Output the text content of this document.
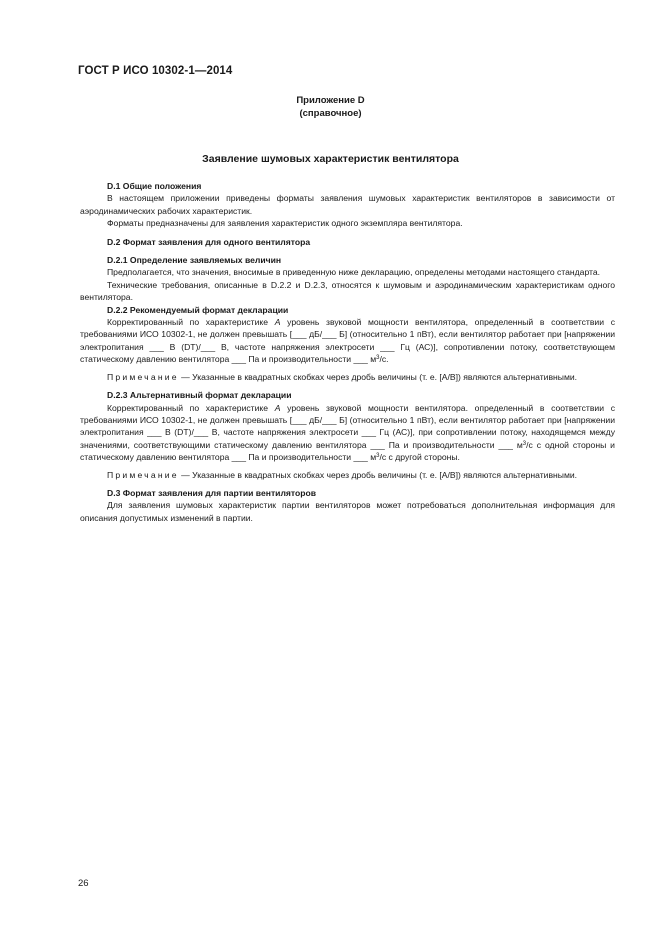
ГОСТ Р ИСО 10302-1—2014
Приложение D
(справочное)
Заявление шумовых характеристик вентилятора

D.1 Общие положения

В настоящем приложении приведены форматы заявления шумовых характеристик вентиляторов в зависимости от аэродинамических рабочих характеристик.

Форматы предназначены для заявления характеристик одного экземпляра вентилятора.

D.2 Формат заявления для одного вентилятора

D.2.1 Определение заявляемых величин

Предполагается, что значения, вносимые в приведенную ниже декларацию, определены методами настоящего стандарта.

Технические требования, описанные в D.2.2 и D.2.3, относятся к шумовым и аэродинамическим характеристикам одного вентилятора.

D.2.2 Рекомендуемый формат декларации

Корректированный по характеристике A уровень звуковой мощности вентилятора, определенный в соответствии с требованиями ИСО 10302-1, не должен превышать [___ дБ/___ Б] (относительно 1 пВт), если вентилятор работает при [напряжении электропитания ___ В (DT)/___ В, частоте напряжения электросети ___ Гц (АС)], сопротивлении потоку, соответствующем статическому давлению вентилятора ___ Па и производительности ___ $м^3/с$.

Примечание — Указанные в квадратных скобках через дробь величины (т. е. [A/B]) являются альтернативными.

D.2.3 Альтернативный формат декларации

Корректированный по характеристике A уровень звуковой мощности вентилятора. определенный в соответствии с требованиями ИСО 10302-1, не должен превышать [___ дБ/___ Б] (относительно 1 пВт), если вентилятор работает при [напряжении электропитания ___ В (DT)/___ В, частоте напряжения электросети ___ Гц (АС)], при сопротивлении потоку, находящемся между значениями, соответствующими статическому давлению вентилятора ___ Па и производительности ___ $м^3/с$ с одной стороны и статическому давлению вентилятора ___ Па и производительности ___ $м^3/с$ с другой стороны.

Примечание — Указанные в квадратных скобках через дробь величины (т. е. [A/B]) являются альтернативными.

D.3 Формат заявления для партии вентиляторов

Для заявления шумовых характеристик партии вентиляторов может потребоваться дополнительная информация для описания допустимых изменений в партии.

26
